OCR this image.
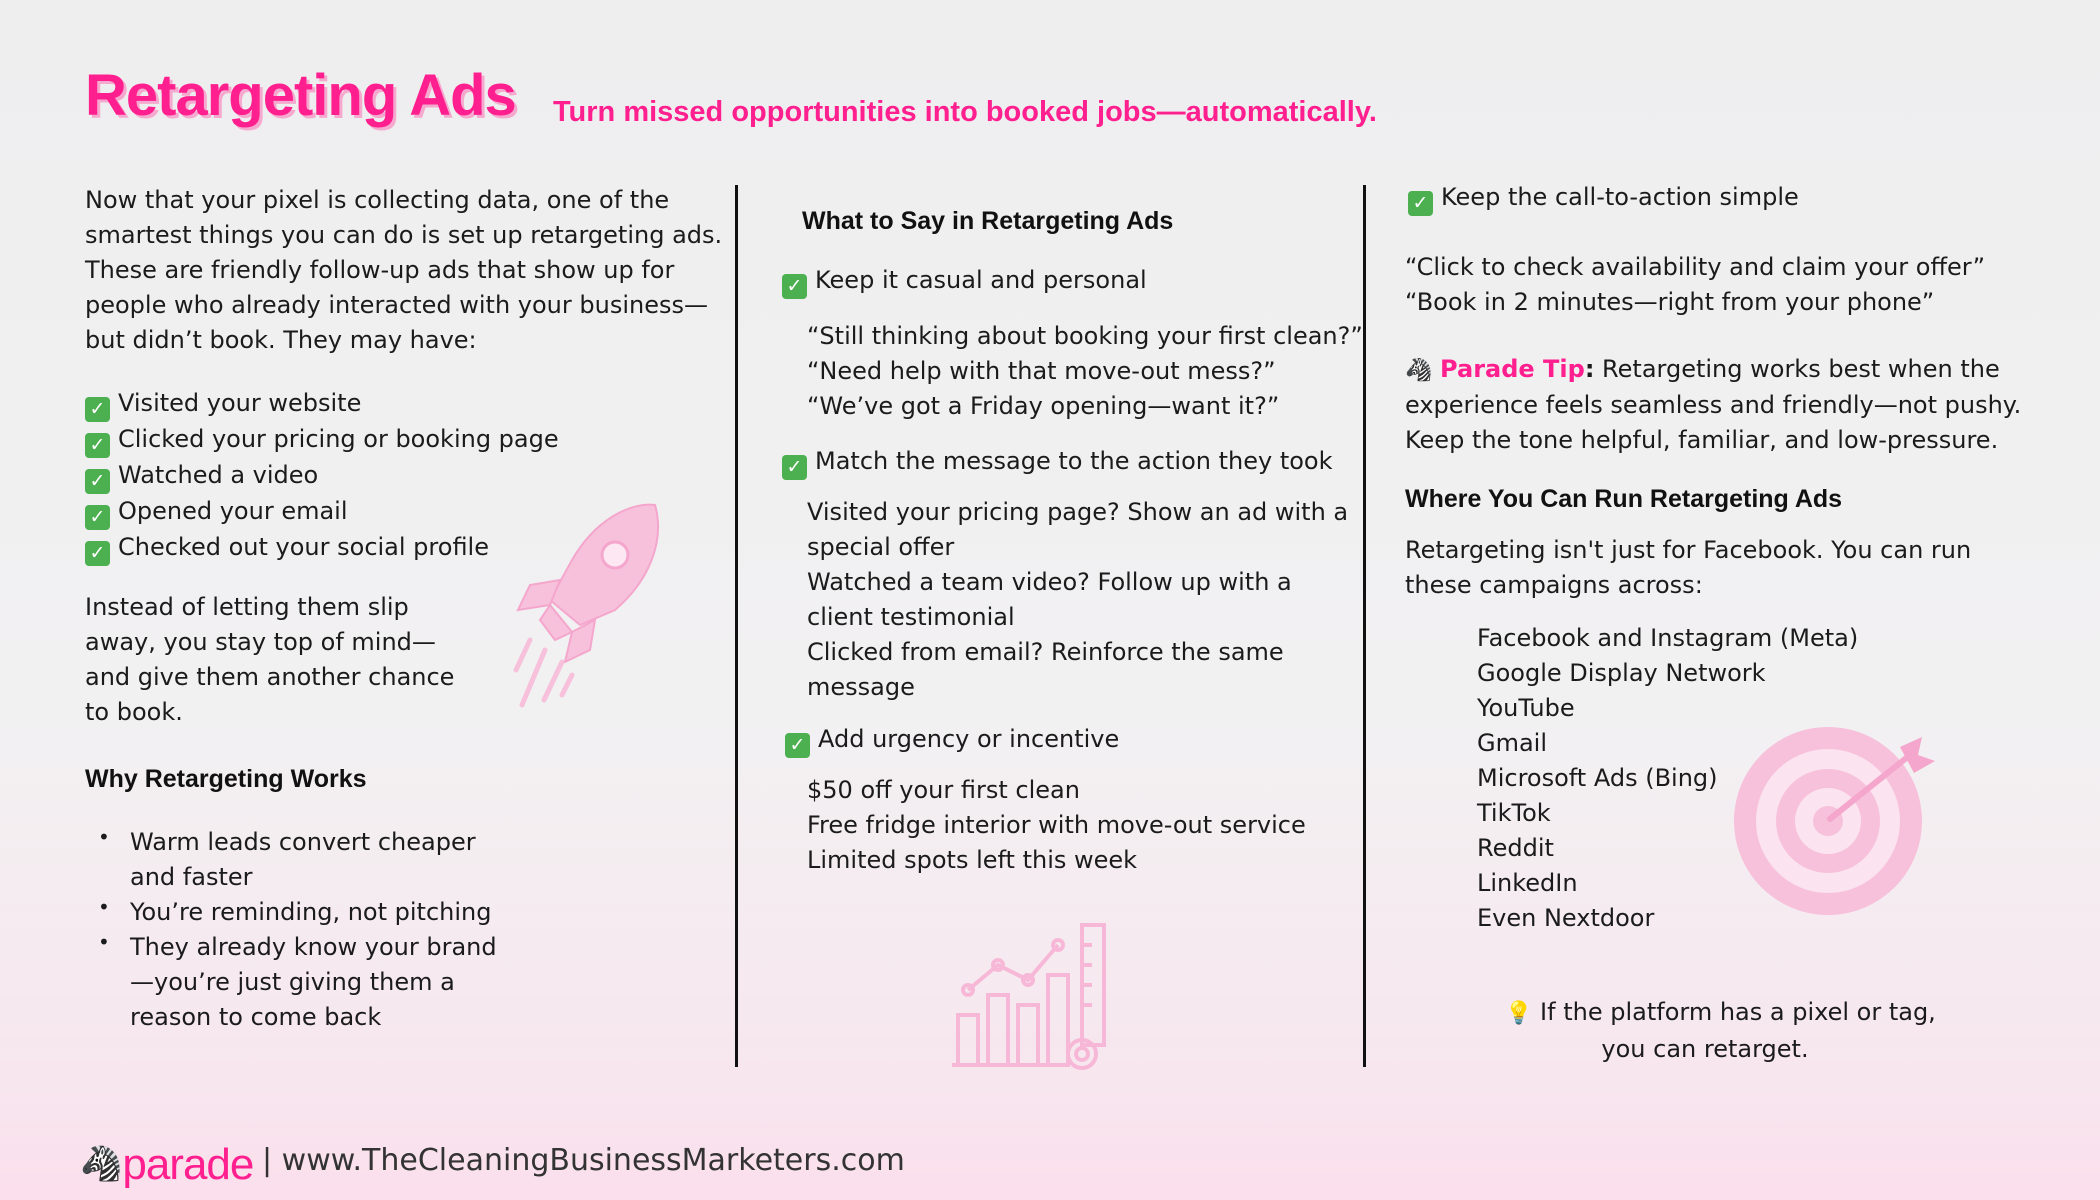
Retargeting Ads Turn missed opportunities into booked jobs—automatically.
Now that your pixel is collecting data, one of the
smartest things you can do is set up retargeting ads.
These are friendly follow-up ads that show up for
people who already interacted with your business—
but didn’t book. They may have:
✓ Visited your website
✓ Clicked your pricing or booking page
✓ Watched a video
✓ Opened your email
✓ Checked out your social profile
Instead of letting them slip
away, you stay top of mind—
and give them another chance
to book.
Why Retargeting Works
• Warm leads convert cheaper
and faster
• You’re reminding, not pitching
• They already know your brand
—you’re just giving them a
reason to come back
What to Say in Retargeting Ads
✓ Keep it casual and personal
“Still thinking about booking your first clean?”
“Need help with that move-out mess?”
“We’ve got a Friday opening—want it?”
✓ Match the message to the action they took
Visited your pricing page? Show an ad with a
special offer
Watched a team video? Follow up with a
client testimonial
Clicked from email? Reinforce the same
message
✓ Add urgency or incentive
$50 off your first clean
Free fridge interior with move-out service
Limited spots left this week
✓ Keep the call-to-action simple
“Click to check availability and claim your offer”
“Book in 2 minutes—right from your phone”
🦓 Parade Tip: Retargeting works best when the
experience feels seamless and friendly—not pushy.
Keep the tone helpful, familiar, and low-pressure.
Where You Can Run Retargeting Ads
Retargeting isn't just for Facebook. You can run
these campaigns across:
Facebook and Instagram (Meta)
Google Display Network
YouTube
Gmail
Microsoft Ads (Bing)
TikTok
Reddit
LinkedIn
Even Nextdoor
💡 If the platform has a pixel or tag,
you can retarget.
🦓parade | www.TheCleaningBusinessMarketers.com
